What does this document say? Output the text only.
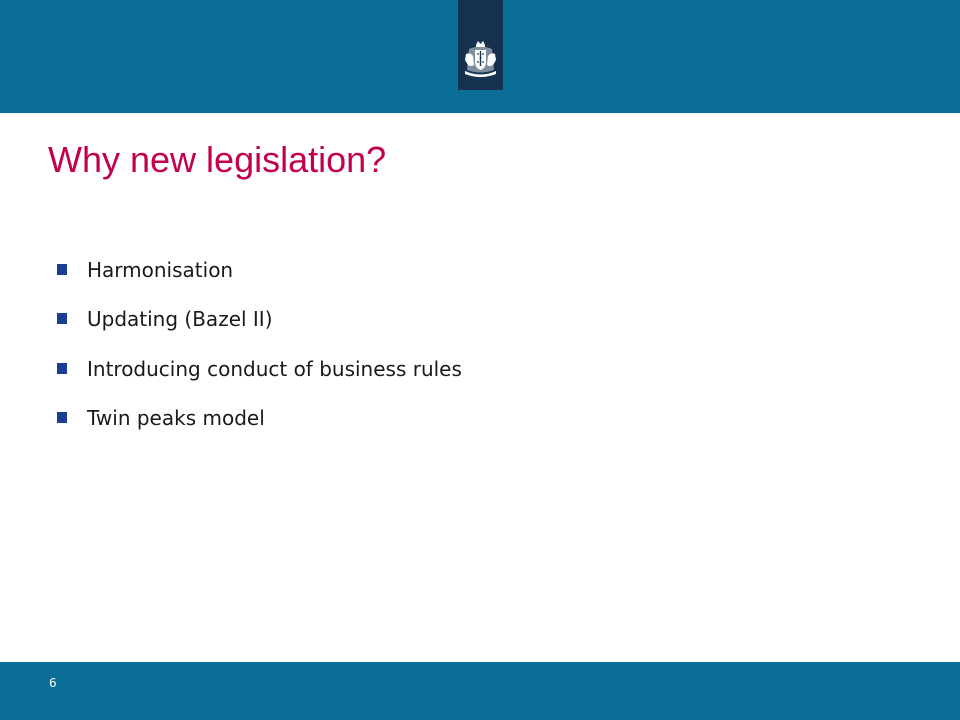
Why new legislation?
Harmonisation
Updating (Bazel II)
Introducing conduct of business rules
Twin peaks model
6
